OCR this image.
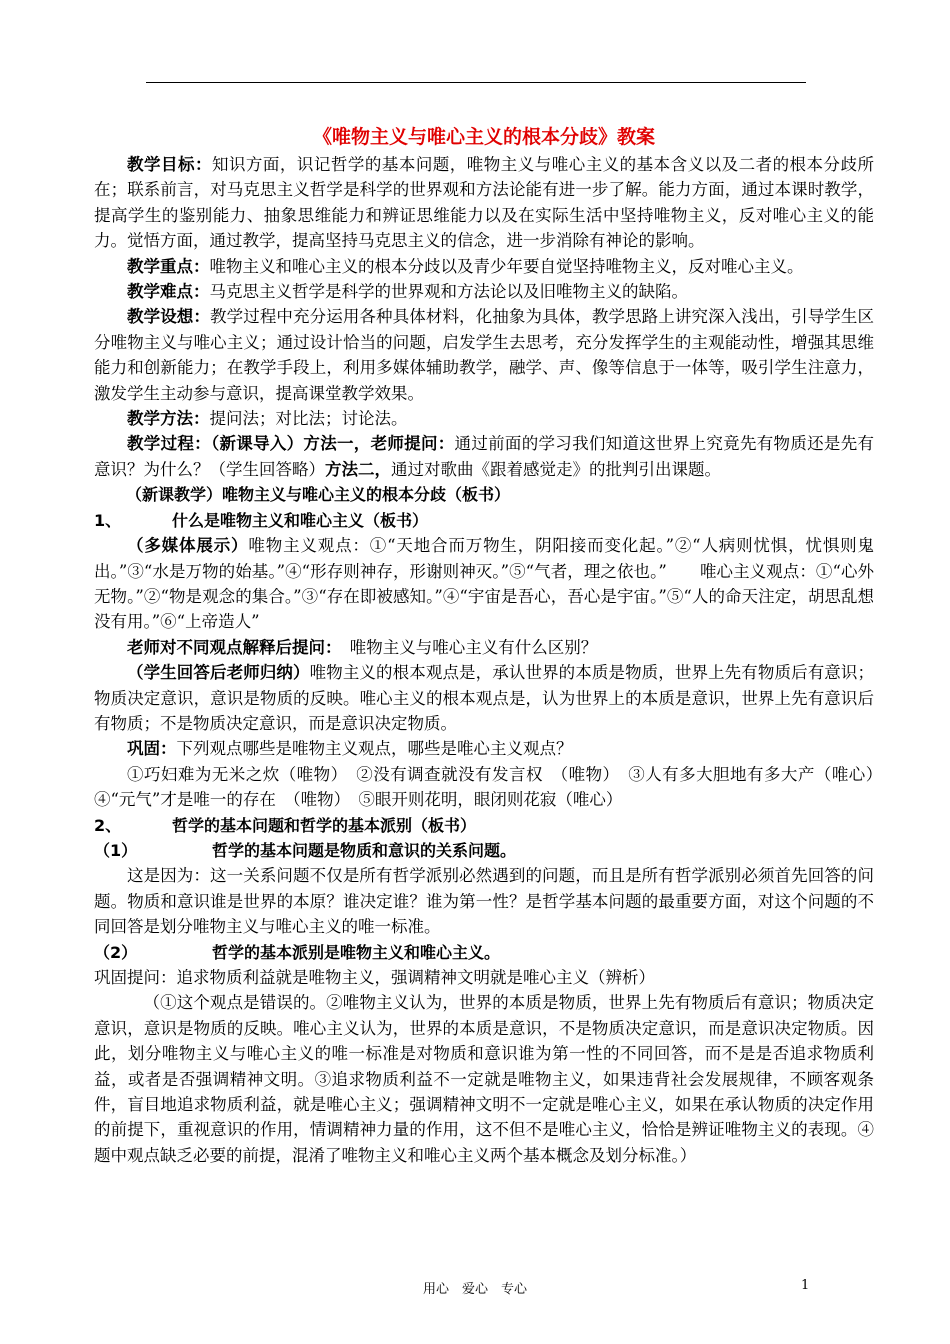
《唯物主义与唯心主义的根本分歧》教案

教学目标：知识方面，识记哲学的基本问题，唯物主义与唯心主义的基本含义以及二者的根本分歧所在；联系前言，对马克思主义哲学是科学的世界观和方法论能有进一步了解。能力方面，通过本课时教学，提高学生的鉴别能力、抽象思维能力和辨证思维能力以及在实际生活中坚持唯物主义，反对唯心主义的能力。觉悟方面，通过教学，提高坚持马克思主义的信念，进一步消除有神论的影响。

教学重点：唯物主义和唯心主义的根本分歧以及青少年要自觉坚持唯物主义，反对唯心主义。

教学难点：马克思主义哲学是科学的世界观和方法论以及旧唯物主义的缺陷。

教学设想：教学过程中充分运用各种具体材料，化抽象为具体，教学思路上讲究深入浅出，引导学生区分唯物主义与唯心主义；通过设计恰当的问题，启发学生去思考，充分发挥学生的主观能动性，增强其思维能力和创新能力；在教学手段上，利用多媒体辅助教学，融学、声、像等信息于一体等，吸引学生注意力，激发学生主动参与意识，提高课堂教学效果。

教学方法：提问法；对比法；讨论法。

教学过程：（新课导入）方法一，老师提问：通过前面的学习我们知道这世界上究竟先有物质还是先有意识？为什么？（学生回答略）方法二，通过对歌曲《跟着感觉走》的批判引出课题。

（新课教学）唯物主义与唯心主义的根本分歧（板书）

1、	什么是唯物主义和唯心主义（板书）

（多媒体展示）唯物主义观点：①“天地合而万物生，阴阳接而变化起。”②“人病则忧惧，忧惧则鬼出。”③“水是万物的始基。”④“形存则神存，形谢则神灭。”⑤“气者，理之依也。”　　唯心主义观点：①“心外无物。”②“物是观念的集合。”③“存在即被感知。”④“宇宙是吾心，吾心是宇宙。”⑤“人的命天注定，胡思乱想没有用。”⑥“上帝造人”

老师对不同观点解释后提问：　唯物主义与唯心主义有什么区别？

（学生回答后老师归纳）唯物主义的根本观点是，承认世界的本质是物质，世界上先有物质后有意识；物质决定意识，意识是物质的反映。唯心主义的根本观点是，认为世界上的本质是意识，世界上先有意识后有物质；不是物质决定意识，而是意识决定物质。

巩固：下列观点哪些是唯物主义观点，哪些是唯心主义观点？

①巧妇难为无米之炊（唯物）　②没有调查就没有发言权　（唯物）　③人有多大胆地有多大产（唯心）　　④“元气”才是唯一的存在　（唯物）　⑤眼开则花明，眼闭则花寂（唯心）

2、	哲学的基本问题和哲学的基本派别（板书）

（1）	哲学的基本问题是物质和意识的关系问题。

这是因为：这一关系问题不仅是所有哲学派别必然遇到的问题，而且是所有哲学派别必须首先回答的问题。物质和意识谁是世界的本原？谁决定谁？谁为第一性？是哲学基本问题的最重要方面，对这个问题的不同回答是划分唯物主义与唯心主义的唯一标准。

（2）	哲学的基本派别是唯物主义和唯心主义。

巩固提问：追求物质利益就是唯物主义，强调精神文明就是唯心主义（辨析）

（①这个观点是错误的。②唯物主义认为，世界的本质是物质，世界上先有物质后有意识；物质决定意识，意识是物质的反映。唯心主义认为，世界的本质是意识，不是物质决定意识，而是意识决定物质。因此，划分唯物主义与唯心主义的唯一标准是对物质和意识谁为第一性的不同回答，而不是是否追求物质利益，或者是否强调精神文明。③追求物质利益不一定就是唯物主义，如果违背社会发展规律，不顾客观条件，盲目地追求物质利益，就是唯心主义；强调精神文明不一定就是唯心主义，如果在承认物质的决定作用的前提下，重视意识的作用，情调精神力量的作用，这不但不是唯心主义，恰恰是辨证唯物主义的表现。④题中观点缺乏必要的前提，混淆了唯物主义和唯心主义两个基本概念及划分标准。）

用心　爱心　专心	1
